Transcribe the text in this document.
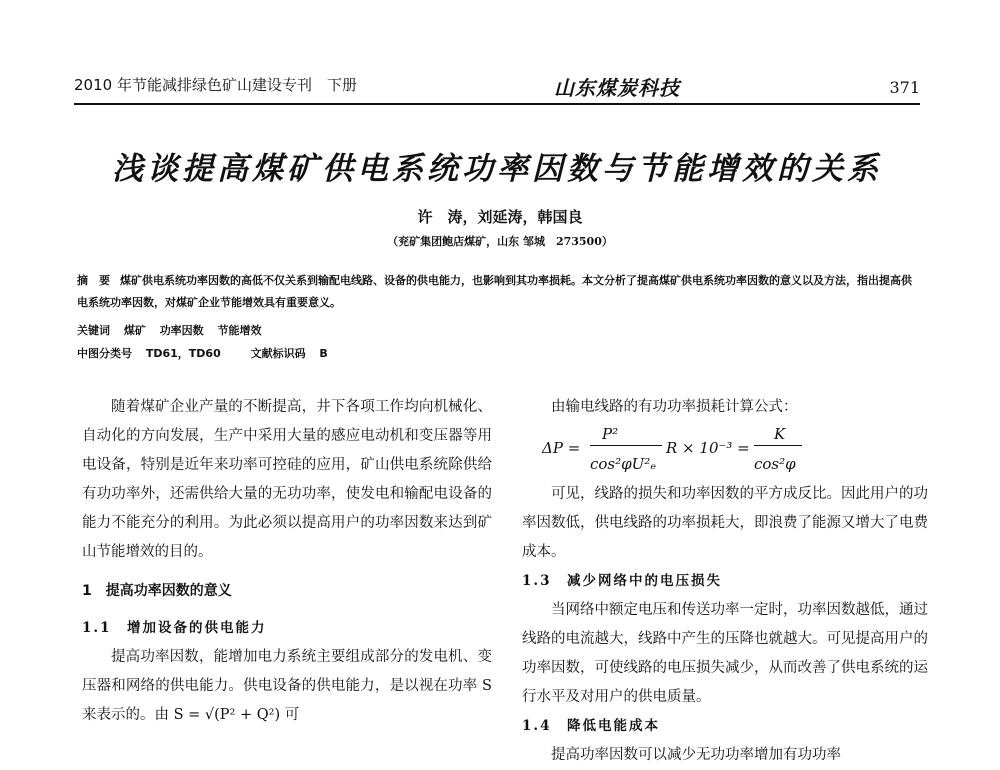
2010 年节能减排绿色矿山建设专刊　下册	山东煤炭科技	371
浅谈提高煤矿供电系统功率因数与节能增效的关系
许　涛，刘延涛，韩国良
（兖矿集团鲍店煤矿，山东 邹城　273500）
摘　要 煤矿供电系统功率因数的高低不仅关系到输配电线路、设备的供电能力，也影响到其功率损耗。本文分析了提高煤矿供电系统功率因数的意义以及方法，指出提高供电系统功率因数，对煤矿企业节能增效具有重要意义。
关键词 煤矿 功率因数 节能增效
中图分类号 TD61，TD60	文献标识码 B

随着煤矿企业产量的不断提高，井下各项工作均向机械化、自动化的方向发展，生产中采用大量的感应电动机和变压器等用电设备，特别是近年来功率可控硅的应用，矿山供电系统除供给有功功率外，还需供给大量的无功功率，使发电和输配电设备的能力不能充分的利用。为此必须以提高用户的功率因数来达到矿山节能增效的目的。

1　提高功率因数的意义
1.1　增加设备的供电能力

提高功率因数，能增加电力系统主要组成部分的发电机、变压器和网络的供电能力。供电设备的供电能力，是以视在功率 S 来表示的。由 S = √(P² + Q²) 可

由输电线路的有功功率损耗计算公式：

ΔP =
P²
cos²φU²ₑ
R × 10⁻³ =
K
cos²φ

可见，线路的损失和功率因数的平方成反比。因此用户的功率因数低，供电线路的功率损耗大，即浪费了能源又增大了电费成本。

1.3　减少网络中的电压损失

当网络中额定电压和传送功率一定时，功率因数越低，通过线路的电流越大，线路中产生的压降也就越大。可见提高用户的功率因数，可使线路的电压损失减少，从而改善了供电系统的运行水平及对用户的供电质量。

1.4　降低电能成本

提高功率因数可以减少无功功率增加有功功率
